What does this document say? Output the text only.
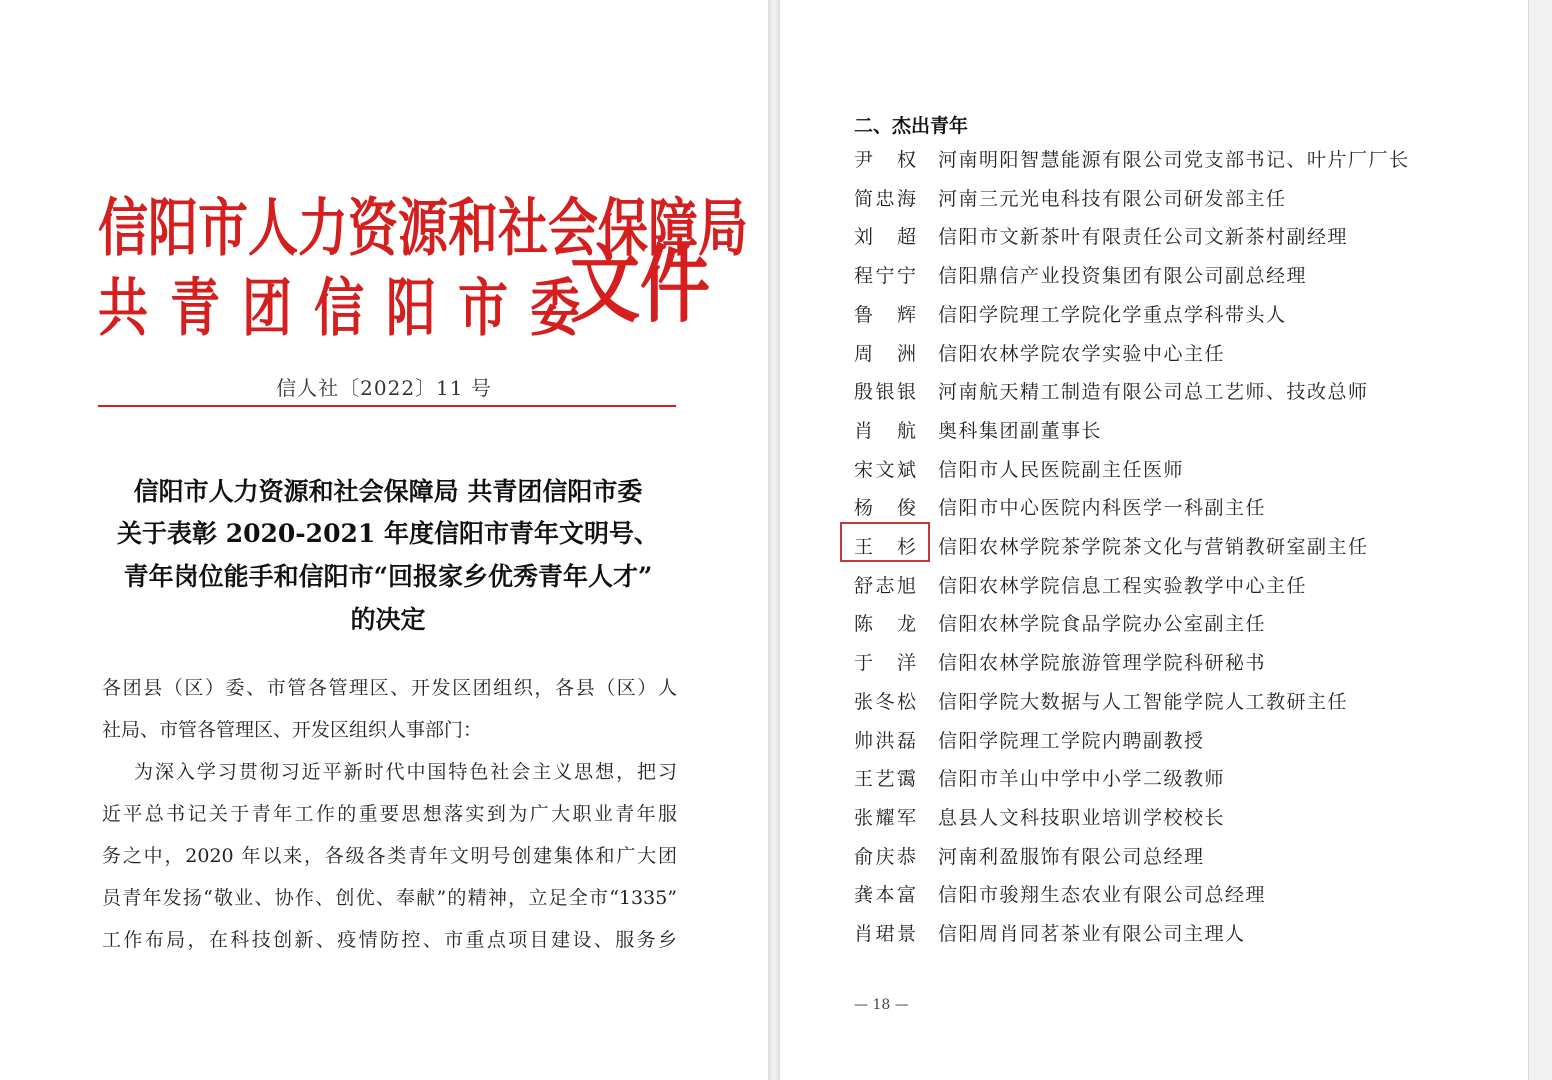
信阳市人力资源和社会保障局
共青团信阳市委
文件
信人社〔2022〕11 号
信阳市人力资源和社会保障局 共青团信阳市委
关于表彰 2020-2021 年度信阳市青年文明号、
青年岗位能手和信阳市“回报家乡优秀青年人才”
的决定
各团县（区）委、市管各管理区、开发区团组织，各县（区）人
社局、市管各管理区、开发区组织人事部门：
为深入学习贯彻习近平新时代中国特色社会主义思想，把习
近平总书记关于青年工作的重要思想落实到为广大职业青年服
务之中，2020 年以来，各级各类青年文明号创建集体和广大团
员青年发扬“敬业、协作、创优、奉献”的精神，立足全市“1335”
工作布局，在科技创新、疫情防控、市重点项目建设、服务乡
二、杰出青年
尹权 河南明阳智慧能源有限公司党支部书记、叶片厂厂长
简忠海 河南三元光电科技有限公司研发部主任
刘超 信阳市文新茶叶有限责任公司文新茶村副经理
程宁宁 信阳鼎信产业投资集团有限公司副总经理
鲁辉 信阳学院理工学院化学重点学科带头人
周洲 信阳农林学院农学实验中心主任
殷银银 河南航天精工制造有限公司总工艺师、技改总师
肖航 奥科集团副董事长
宋文斌 信阳市人民医院副主任医师
杨俊 信阳市中心医院内科医学一科副主任
王杉 信阳农林学院茶学院茶文化与营销教研室副主任
舒志旭 信阳农林学院信息工程实验教学中心主任
陈龙 信阳农林学院食品学院办公室副主任
于洋 信阳农林学院旅游管理学院科研秘书
张冬松 信阳学院大数据与人工智能学院人工教研主任
帅洪磊 信阳学院理工学院内聘副教授
王艺霭 信阳市羊山中学中小学二级教师
张耀军 息县人文科技职业培训学校校长
俞庆恭 河南利盈服饰有限公司总经理
龚本富 信阳市骏翔生态农业有限公司总经理
肖珺景 信阳周肖同茗茶业有限公司主理人
— 18 —
